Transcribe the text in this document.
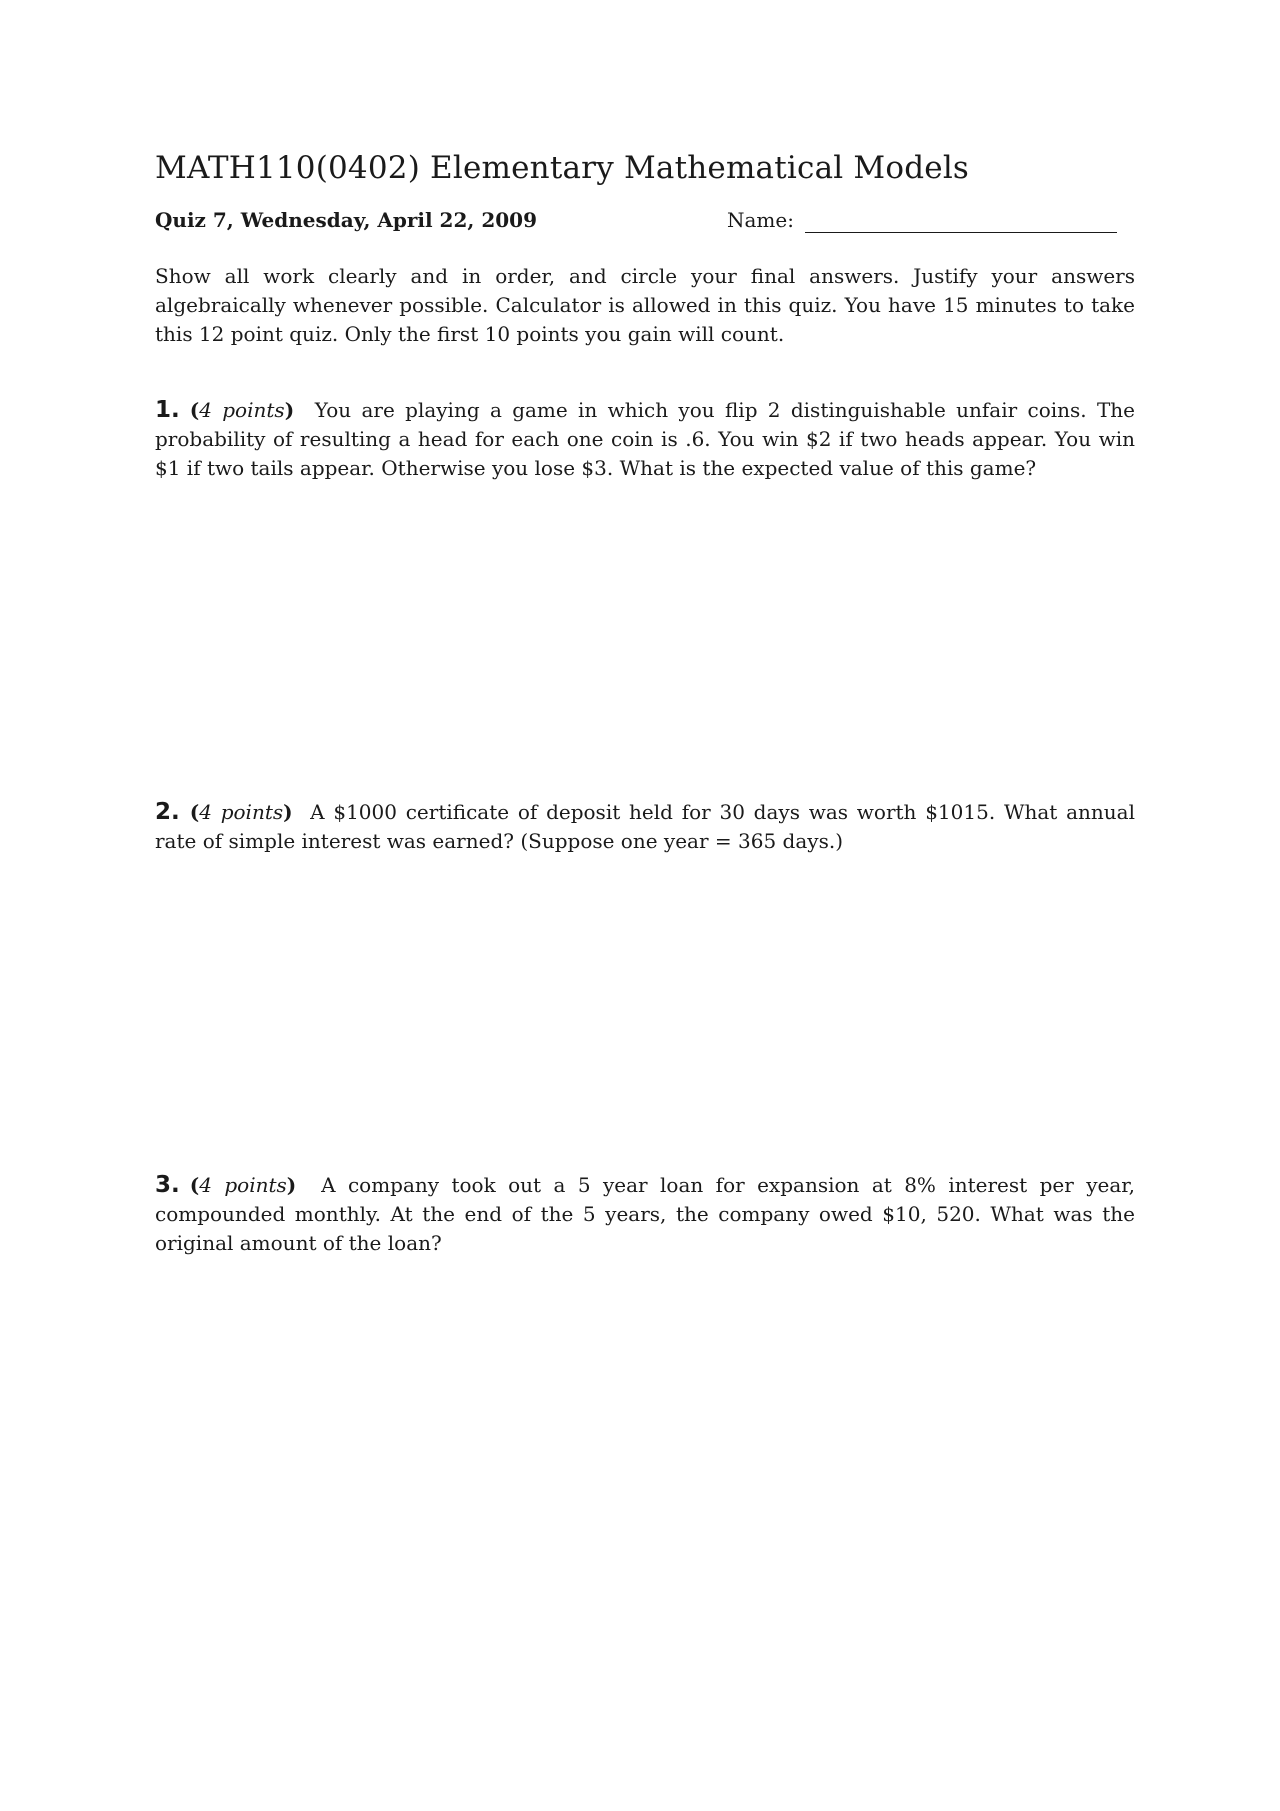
MATH110(0402) Elementary Mathematical Models
Quiz 7, Wednesday, April 22, 2009	Name:
Show all work clearly and in order, and circle your final answers. Justify your answers algebraically whenever possible. Calculator is allowed in this quiz. You have 15 minutes to take this 12 point quiz. Only the first 10 points you gain will count.
1. (4 points) You are playing a game in which you flip 2 distinguishable unfair coins. The probability of resulting a head for each one coin is .6. You win $2 if two heads appear. You win $1 if two tails appear. Otherwise you lose $3. What is the expected value of this game?
2. (4 points) A $1000 certificate of deposit held for 30 days was worth $1015. What annual rate of simple interest was earned? (Suppose one year = 365 days.)
3. (4 points) A company took out a 5 year loan for expansion at 8% interest per year, compounded monthly. At the end of the 5 years, the company owed $10, 520. What was the original amount of the loan?
